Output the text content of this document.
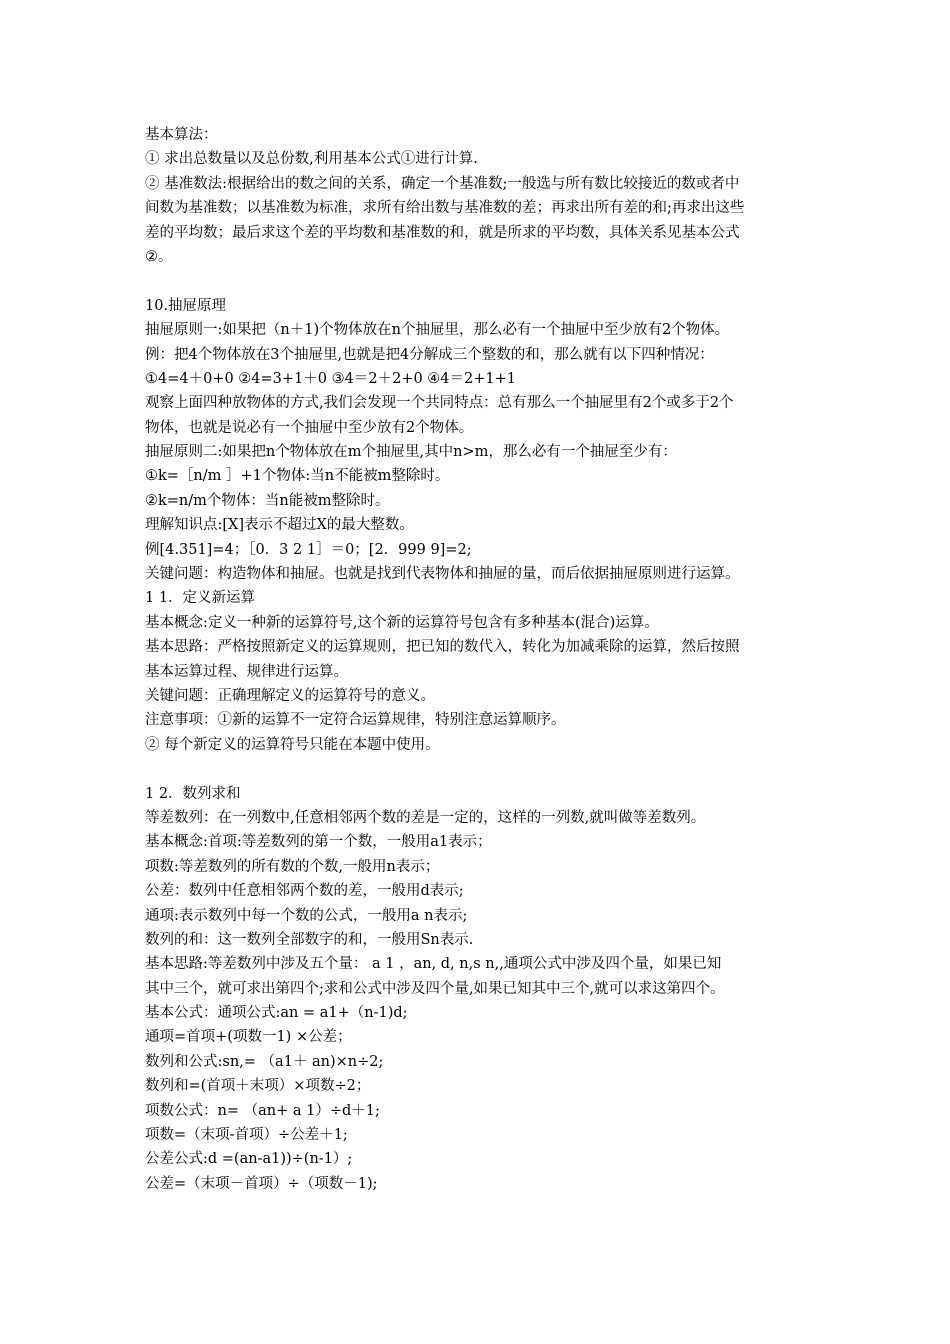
基本算法：
① 求出总数量以及总份数,利用基本公式①进行计算.
② 基准数法:根据给出的数之间的关系，确定一个基准数;一般选与所有数比较接近的数或者中
间数为基准数；以基准数为标准，求所有给出数与基准数的差；再求出所有差的和;再求出这些
差的平均数；最后求这个差的平均数和基准数的和，就是所求的平均数，具体关系见基本公式
②。
10.抽屉原理
抽屉原则一:如果把（n＋1)个物体放在n个抽屉里，那么必有一个抽屉中至少放有2个物体。
例：把4个物体放在3个抽屉里,也就是把4分解成三个整数的和，那么就有以下四种情况：
①4=4＋0+0 ②4=3+1＋0 ③4＝2＋2+0 ④4＝2+1+1
观察上面四种放物体的方式,我们会发现一个共同特点：总有那么一个抽屉里有2个或多于2个
物体，也就是说必有一个抽屉中至少放有2个物体。
抽屉原则二:如果把n个物体放在m个抽屉里,其中n>m，那么必有一个抽屉至少有：
①k=［n/m ］+1个物体:当n不能被m整除时。
②k=n/m个物体：当n能被m整除时。
理解知识点:[X]表示不超过X的最大整数。
例[4.351]=4；［0．3 2 1］＝0；[2．999 9]=2;
关键问题：构造物体和抽屉。也就是找到代表物体和抽屉的量，而后依据抽屉原则进行运算。
1 1．定义新运算
基本概念:定义一种新的运算符号,这个新的运算符号包含有多种基本(混合)运算。
基本思路：严格按照新定义的运算规则，把已知的数代入，转化为加减乘除的运算，然后按照
基本运算过程、规律进行运算。
关键问题：正确理解定义的运算符号的意义。
注意事项：①新的运算不一定符合运算规律，特别注意运算顺序。
② 每个新定义的运算符号只能在本题中使用。
1 2．数列求和
等差数列：在一列数中,任意相邻两个数的差是一定的，这样的一列数,就叫做等差数列。
基本概念:首项:等差数列的第一个数，一般用a1表示；
项数:等差数列的所有数的个数,一般用n表示；
公差：数列中任意相邻两个数的差，一般用d表示;
通项:表示数列中每一个数的公式，一般用a n表示;
数列的和：这一数列全部数字的和，一般用Sn表示.
基本思路:等差数列中涉及五个量： a 1 ，an, d, n,s n,,通项公式中涉及四个量，如果已知
其中三个，就可求出第四个;求和公式中涉及四个量,如果已知其中三个,就可以求这第四个。
基本公式：通项公式:an = a1+（n-1)d;
通项=首项+(项数一1) ×公差；
数列和公式:sn,= （a1＋ an)×n÷2;
数列和=(首项＋末项）×项数÷2；
项数公式：n= （an+ a 1）÷d＋1;
项数=（末项-首项）÷公差＋1;
公差公式:d =(an-a1))÷(n-1）;
公差=（末项－首项）÷（项数－1);
